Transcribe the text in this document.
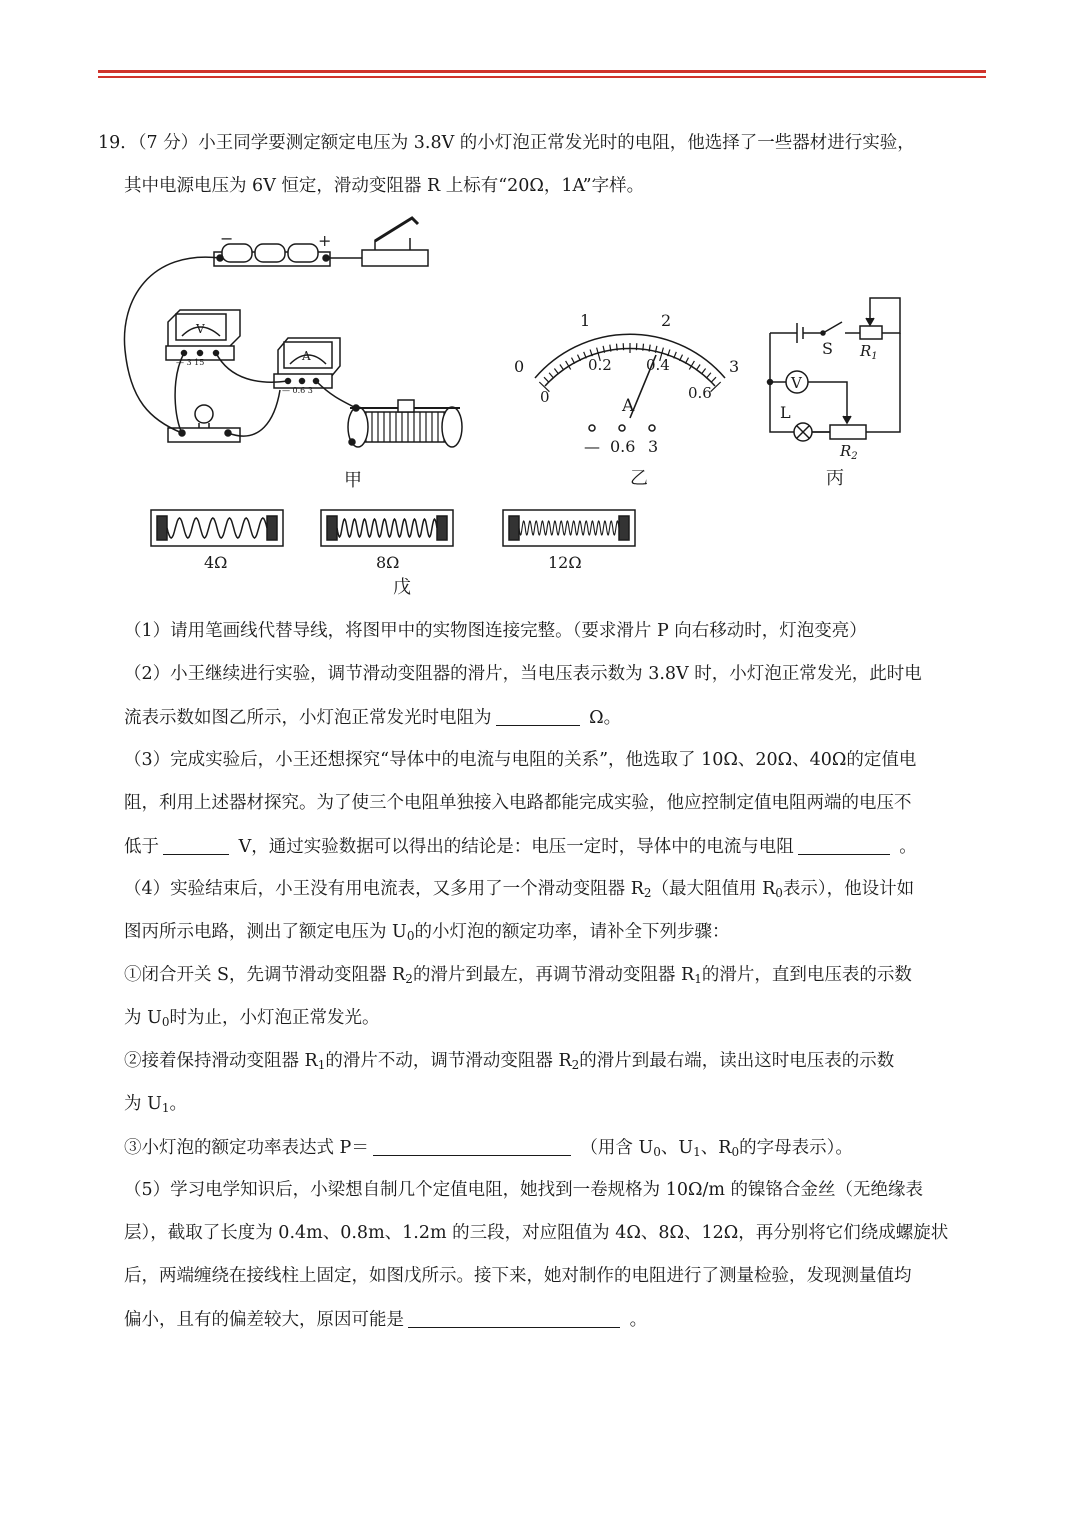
19．（7 分）小王同学要测定额定电压为 3.8V 的小灯泡正常发光时的电阻，他选择了一些器材进行实验，
其中电源电压为 6V 恒定，滑动变阻器 R 上标有“20Ω，1A”字样。
−	+
V
A
— 3 15
— 0.6 3
甲
0
1	2
3
0
0.2 0.4
0.6
A
— 0.6 3
乙
S $R_1$
V
L
$R_2$
丙
4Ω	8Ω	12Ω
戊
（1）请用笔画线代替导线，将图甲中的实物图连接完整。（要求滑片 P 向右移动时，灯泡变亮）
（2）小王继续进行实验，调节滑动变阻器的滑片，当电压表示数为 3.8V 时，小灯泡正常发光，此时电
流表示数如图乙所示，小灯泡正常发光时电阻为	Ω。
（3）完成实验后，小王还想探究“导体中的电流与电阻的关系”，他选取了 10Ω、20Ω、40Ω的定值电
阻，利用上述器材探究。为了使三个电阻单独接入电路都能完成实验，他应控制定值电阻两端的电压不
低于	V，通过实验数据可以得出的结论是：电压一定时，导体中的电流与电阻	。
（4）实验结束后，小王没有用电流表，又多用了一个滑动变阻器 $R_2$（最大阻值用 $R_0$表示），他设计如
图丙所示电路，测出了额定电压为 $U_0$的小灯泡的额定功率，请补全下列步骤：
①闭合开关 S，先调节滑动变阻器 $R_2$的滑片到最左，再调节滑动变阻器 $R_1$的滑片，直到电压表的示数
为 $U_0$时为止，小灯泡正常发光。
②接着保持滑动变阻器 $R_1$的滑片不动，调节滑动变阻器 $R_2$的滑片到最右端，读出这时电压表的示数
为 $U_1$。
③小灯泡的额定功率表达式 P＝	（用含 $U_0$、$U_1$、$R_0$的字母表示）。
（5）学习电学知识后，小梁想自制几个定值电阻，她找到一卷规格为 10Ω/m 的镍铬合金丝（无绝缘表
层），截取了长度为 0.4m、0.8m、1.2m 的三段，对应阻值为 4Ω、8Ω、12Ω，再分别将它们绕成螺旋状
后，两端缠绕在接线柱上固定，如图戊所示。接下来，她对制作的电阻进行了测量检验，发现测量值均
偏小，且有的偏差较大，原因可能是	。
